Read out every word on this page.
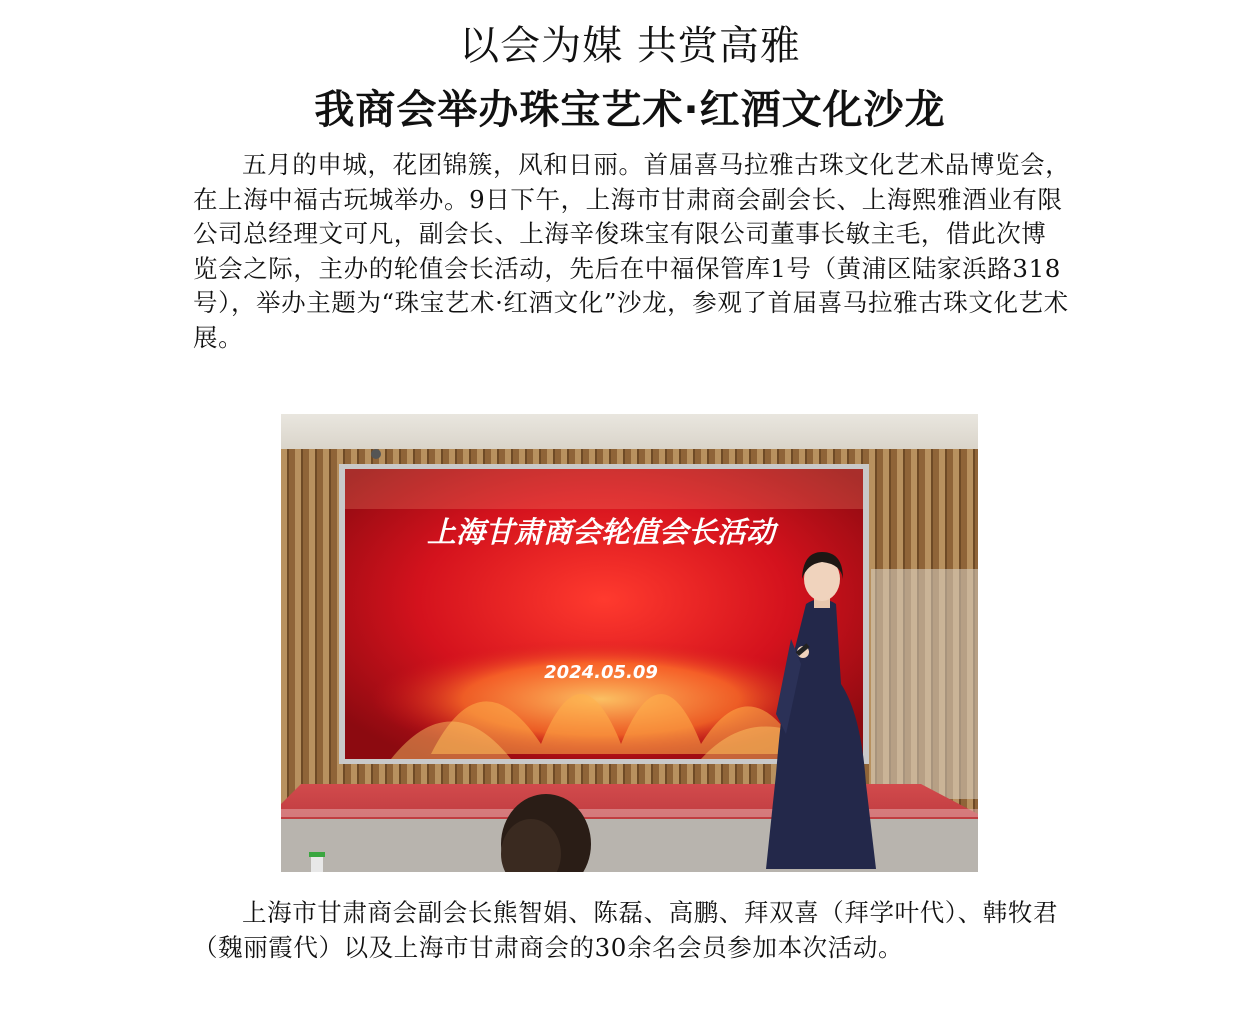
以会为媒 共赏高雅
我商会举办珠宝艺术·红酒文化沙龙

五月的申城，花团锦簇，风和日丽。首届喜马拉雅古珠文化艺术品博览会，在上海中福古玩城举办。9日下午，上海市甘肃商会副会长、上海熙雅酒业有限公司总经理文可凡，副会长、上海辛俊珠宝有限公司董事长敏主毛，借此次博览会之际，主办的轮值会长活动，先后在中福保管库1号（黄浦区陆家浜路318号），举办主题为“珠宝艺术·红酒文化”沙龙，参观了首届喜马拉雅古珠文化艺术展。

上海甘肃商会轮值会长活动
2024.05.09

上海市甘肃商会副会长熊智娟、陈磊、高鹏、拜双喜（拜学叶代）、韩牧君（魏丽霞代）以及上海市甘肃商会的30余名会员参加本次活动。
